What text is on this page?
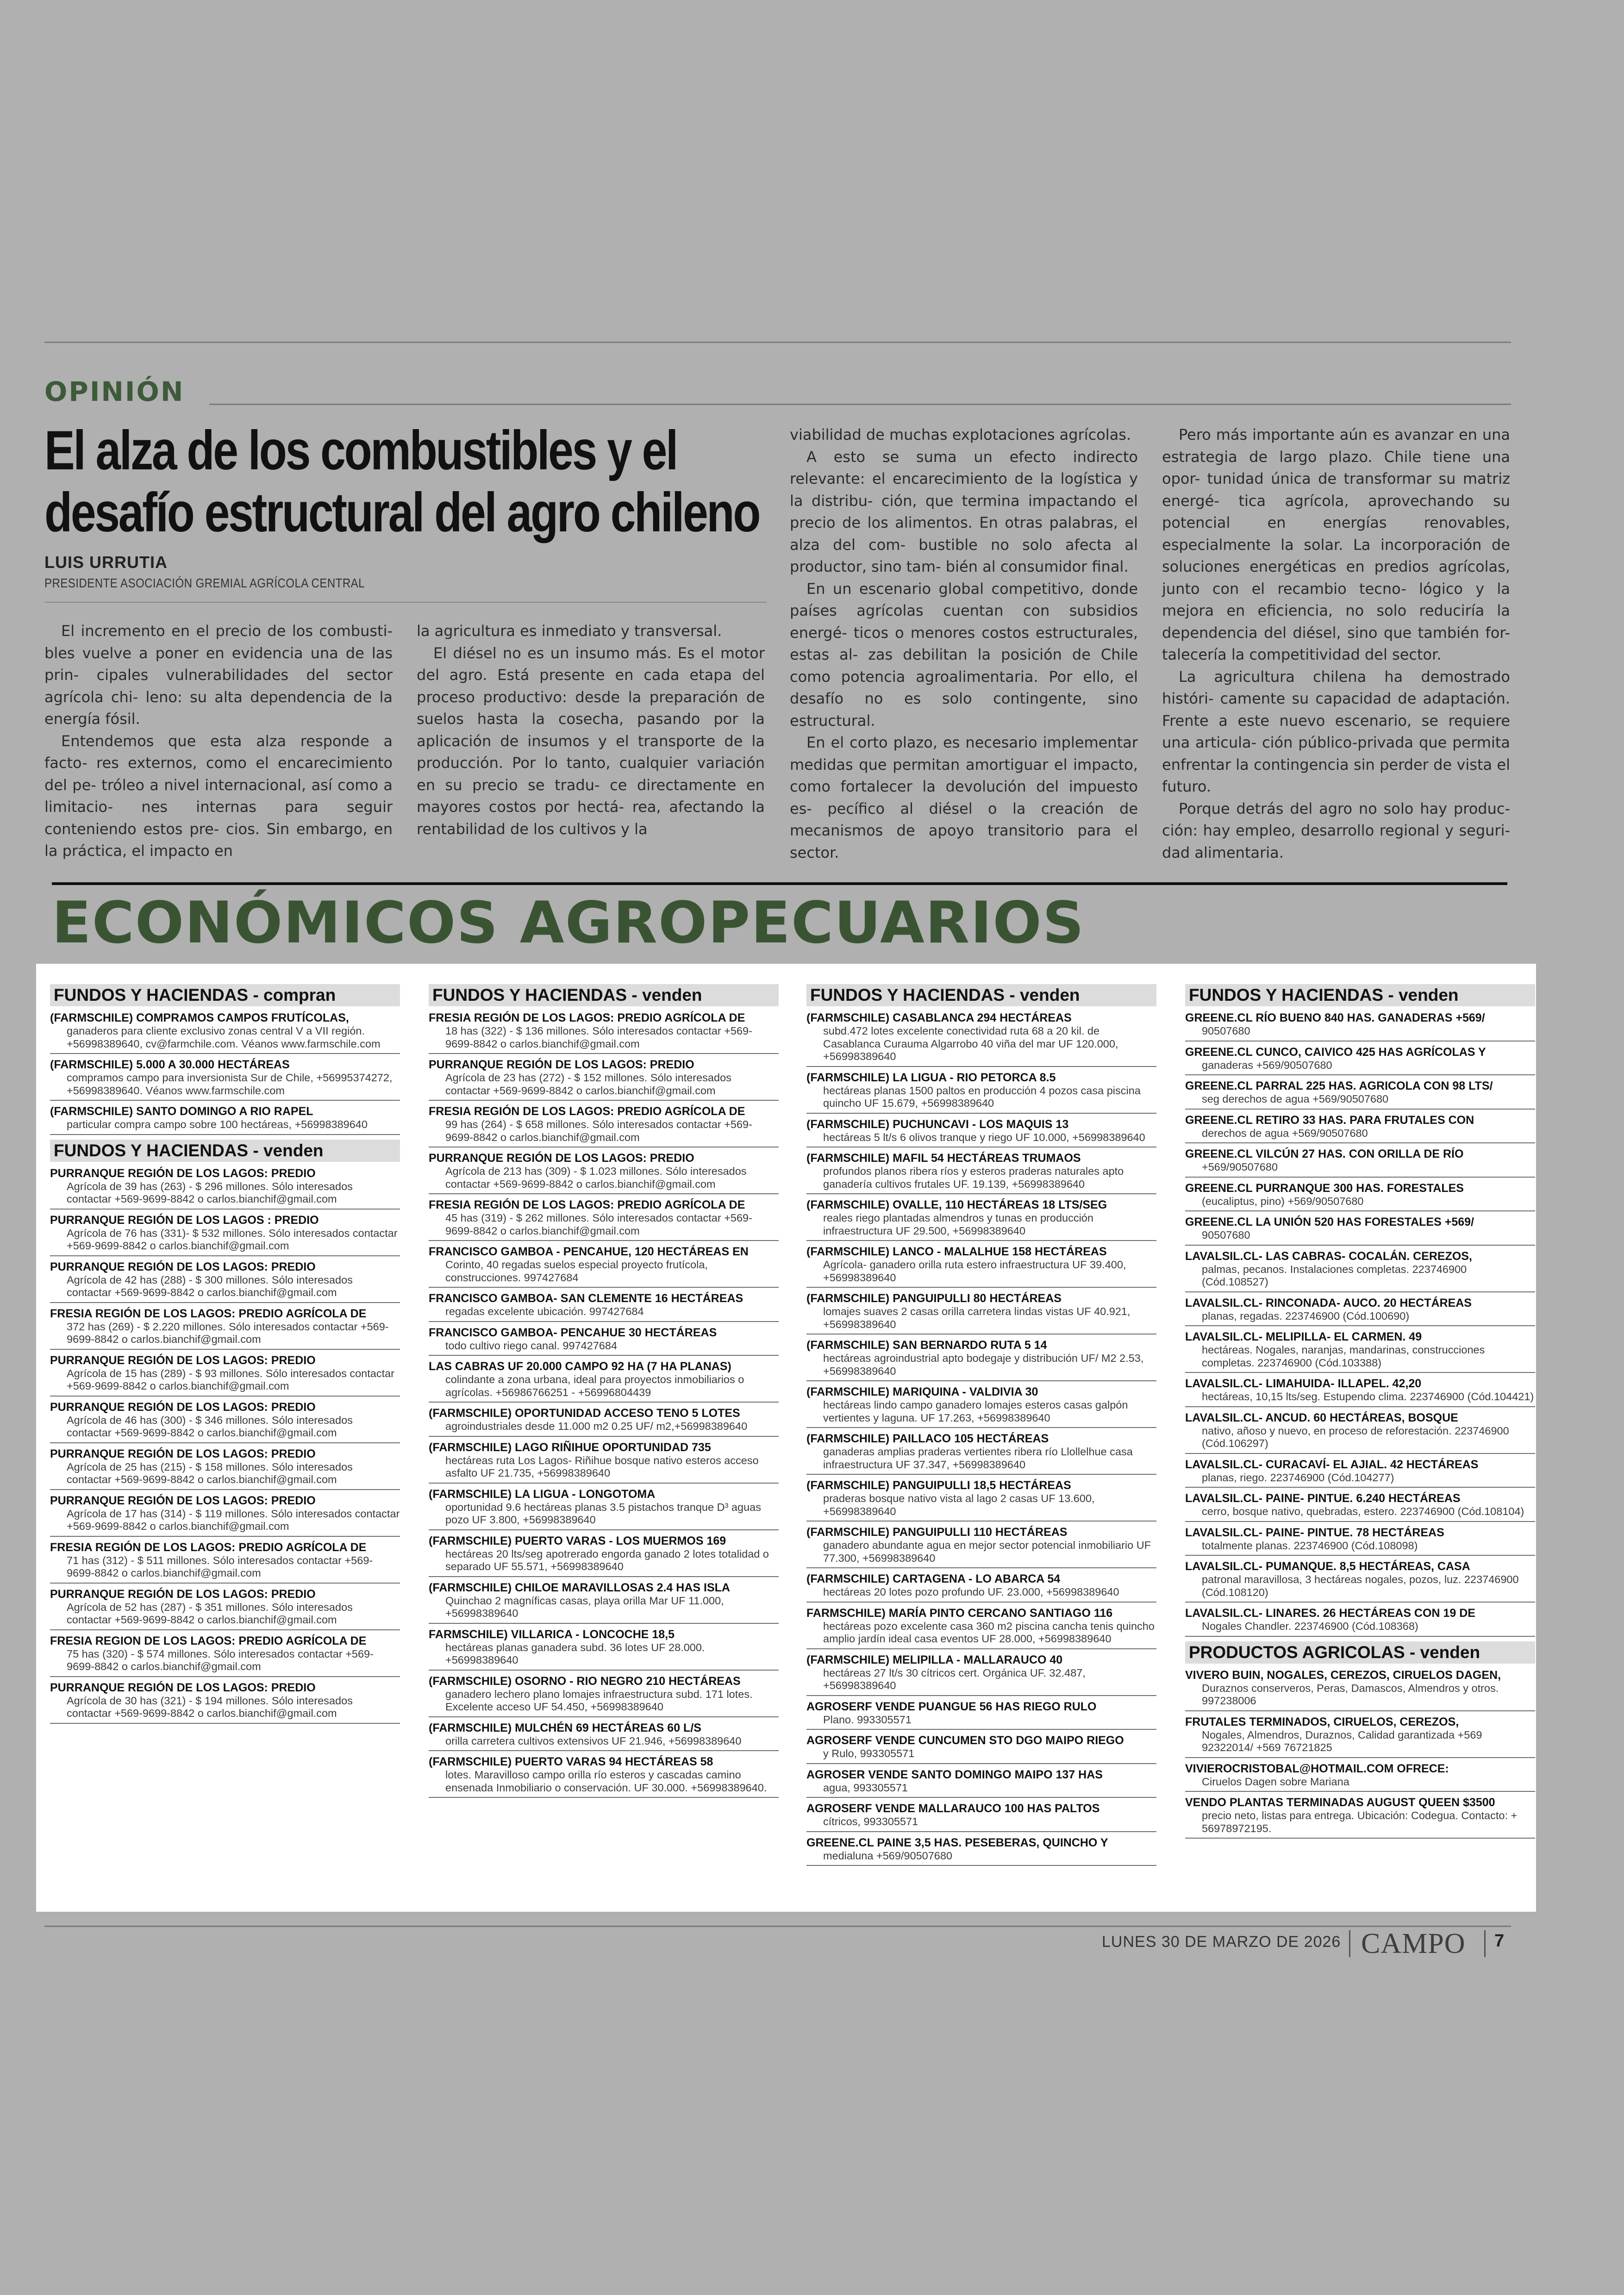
OPINIÓN
El alza de los combustibles y el
desafío estructural del agro chileno
LUIS URRUTIA
PRESIDENTE ASOCIACIÓN GREMIAL AGRÍCOLA CENTRAL

El incremento en el precio de los combusti- bles vuelve a poner en evidencia una de las prin- cipales vulnerabilidades del sector agrícola chi- leno: su alta dependencia de la energía fósil.

Entendemos que esta alza responde a facto- res externos, como el encarecimiento del pe- tróleo a nivel internacional, así como a limitacio- nes internas para seguir conteniendo estos pre- cios. Sin embargo, en la práctica, el impacto en

la agricultura es inmediato y transversal.

El diésel no es un insumo más. Es el motor del agro. Está presente en cada etapa del proceso productivo: desde la preparación de suelos hasta la cosecha, pasando por la aplicación de insumos y el transporte de la producción. Por lo tanto, cualquier variación en su precio se tradu- ce directamente en mayores costos por hectá- rea, afectando la rentabilidad de los cultivos y la

viabilidad de muchas explotaciones agrícolas.

A esto se suma un efecto indirecto relevante: el encarecimiento de la logística y la distribu- ción, que termina impactando el precio de los alimentos. En otras palabras, el alza del com- bustible no solo afecta al productor, sino tam- bién al consumidor final.

En un escenario global competitivo, donde países agrícolas cuentan con subsidios energé- ticos o menores costos estructurales, estas al- zas debilitan la posición de Chile como potencia agroalimentaria. Por ello, el desafío no es solo contingente, sino estructural.

En el corto plazo, es necesario implementar medidas que permitan amortiguar el impacto, como fortalecer la devolución del impuesto es- pecífico al diésel o la creación de mecanismos de apoyo transitorio para el sector.

Pero más importante aún es avanzar en una estrategia de largo plazo. Chile tiene una opor- tunidad única de transformar su matriz energé- tica agrícola, aprovechando su potencial en energías renovables, especialmente la solar. La incorporación de soluciones energéticas en predios agrícolas, junto con el recambio tecno- lógico y la mejora en eficiencia, no solo reduciría la dependencia del diésel, sino que también for- talecería la competitividad del sector.

La agricultura chilena ha demostrado históri- camente su capacidad de adaptación. Frente a este nuevo escenario, se requiere una articula- ción público-privada que permita enfrentar la contingencia sin perder de vista el futuro.

Porque detrás del agro no solo hay produc- ción: hay empleo, desarrollo regional y seguri- dad alimentaria.

ECONÓMICOS AGROPECUARIOS
FUNDOS Y HACIENDAS - compran
(FARMSCHILE) COMPRAMOS CAMPOS FRUTÍCOLAS,
ganaderos para cliente exclusivo zonas central V a VII región. +56998389640, cv@farmchile.com. Véanos www.farmschile.com
(FARMSCHILE) 5.000 A 30.000 HECTÁREAS
compramos campo para inversionista Sur de Chile, +56995374272, +56998389640. Véanos www.farmschile.com
(FARMSCHILE) SANTO DOMINGO A RIO RAPEL
particular compra campo sobre 100 hectáreas, +56998389640
FUNDOS Y HACIENDAS - venden
PURRANQUE REGIÓN DE LOS LAGOS: PREDIO
Agrícola de 39 has (263) - $ 296 millones. Sólo interesados contactar +569-9699-8842 o carlos.bianchif@gmail.com
PURRANQUE REGIÓN DE LOS LAGOS : PREDIO
Agrícola de 76 has (331)- $ 532 millones. Sólo interesados contactar +569-9699-8842 o carlos.bianchif@gmail.com
PURRANQUE REGIÓN DE LOS LAGOS: PREDIO
Agrícola de 42 has (288) - $ 300 millones. Sólo interesados contactar +569-9699-8842 o carlos.bianchif@gmail.com
FRESIA REGIÓN DE LOS LAGOS: PREDIO AGRÍCOLA DE
372 has (269) - $ 2.220 millones. Sólo interesados contactar +569-9699-8842 o carlos.bianchif@gmail.com
PURRANQUE REGIÓN DE LOS LAGOS: PREDIO
Agrícola de 15 has (289) - $ 93 millones. Sólo interesados contactar +569-9699-8842 o carlos.bianchif@gmail.com
PURRANQUE REGIÓN DE LOS LAGOS: PREDIO
Agrícola de 46 has (300) - $ 346 millones. Sólo interesados contactar +569-9699-8842 o carlos.bianchif@gmail.com
PURRANQUE REGIÓN DE LOS LAGOS: PREDIO
Agrícola de 25 has (215) - $ 158 millones. Sólo interesados contactar +569-9699-8842 o carlos.bianchif@gmail.com
PURRANQUE REGIÓN DE LOS LAGOS: PREDIO
Agrícola de 17 has (314) - $ 119 millones. Sólo interesados contactar +569-9699-8842 o carlos.bianchif@gmail.com
FRESIA REGIÓN DE LOS LAGOS: PREDIO AGRÍCOLA DE
71 has (312) - $ 511 millones. Sólo interesados contactar +569-9699-8842 o carlos.bianchif@gmail.com
PURRANQUE REGIÓN DE LOS LAGOS: PREDIO
Agrícola de 52 has (287) - $ 351 millones. Sólo interesados contactar +569-9699-8842 o carlos.bianchif@gmail.com
FRESIA REGION DE LOS LAGOS: PREDIO AGRÍCOLA DE
75 has (320) - $ 574 millones. Sólo interesados contactar +569-9699-8842 o carlos.bianchif@gmail.com
PURRANQUE REGIÓN DE LOS LAGOS: PREDIO
Agrícola de 30 has (321) - $ 194 millones. Sólo interesados contactar +569-9699-8842 o carlos.bianchif@gmail.com
FUNDOS Y HACIENDAS - venden
FRESIA REGIÓN DE LOS LAGOS: PREDIO AGRÍCOLA DE
18 has (322) - $ 136 millones. Sólo interesados contactar +569-9699-8842 o carlos.bianchif@gmail.com
PURRANQUE REGIÓN DE LOS LAGOS: PREDIO
Agrícola de 23 has (272) - $ 152 millones. Sólo interesados contactar +569-9699-8842 o carlos.bianchif@gmail.com
FRESIA REGIÓN DE LOS LAGOS: PREDIO AGRÍCOLA DE
99 has (264) - $ 658 millones. Sólo interesados contactar +569-9699-8842 o carlos.bianchif@gmail.com
PURRANQUE REGIÓN DE LOS LAGOS: PREDIO
Agrícola de 213 has (309) - $ 1.023 millones. Sólo interesados contactar +569-9699-8842 o carlos.bianchif@gmail.com
FRESIA REGIÓN DE LOS LAGOS: PREDIO AGRÍCOLA DE
45 has (319) - $ 262 millones. Sólo interesados contactar +569-9699-8842 o carlos.bianchif@gmail.com
FRANCISCO GAMBOA - PENCAHUE, 120 HECTÁREAS EN
Corinto, 40 regadas suelos especial proyecto frutícola, construcciones. 997427684
FRANCISCO GAMBOA- SAN CLEMENTE 16 HECTÁREAS
regadas excelente ubicación. 997427684
FRANCISCO GAMBOA- PENCAHUE 30 HECTÁREAS
todo cultivo riego canal. 997427684
LAS CABRAS UF 20.000 CAMPO 92 HA (7 HA PLANAS)
colindante a zona urbana, ideal para proyectos inmobiliarios o agrícolas. +56986766251 - +56996804439
(FARMSCHILE) OPORTUNIDAD ACCESO TENO 5 LOTES
agroindustriales desde 11.000 m2 0.25 UF/ m2,+56998389640
(FARMSCHILE) LAGO RIÑIHUE OPORTUNIDAD 735
hectáreas ruta Los Lagos- Riñihue bosque nativo esteros acceso asfalto UF 21.735, +56998389640
(FARMSCHILE) LA LIGUA - LONGOTOMA
oportunidad 9.6 hectáreas planas 3.5 pistachos tranque D³ aguas pozo UF 3.800, +56998389640
(FARMSCHILE) PUERTO VARAS - LOS MUERMOS 169
hectáreas 20 lts/seg apotrerado engorda ganado 2 lotes totalidad o separado UF 55.571, +56998389640
(FARMSCHILE) CHILOE MARAVILLOSAS 2.4 HAS ISLA
Quinchao 2 magníficas casas, playa orilla Mar UF 11.000, +56998389640
FARMSCHILE) VILLARICA - LONCOCHE 18,5
hectáreas planas ganadera subd. 36 lotes UF 28.000. +56998389640
(FARMSCHILE) OSORNO - RIO NEGRO 210 HECTÁREAS
ganadero lechero plano lomajes infraestructura subd. 171 lotes. Excelente acceso UF 54.450, +56998389640
(FARMSCHILE) MULCHÉN 69 HECTÁREAS 60 L/S
orilla carretera cultivos extensivos UF 21.946, +56998389640
(FARMSCHILE) PUERTO VARAS 94 HECTÁREAS 58
lotes. Maravilloso campo orilla río esteros y cascadas camino ensenada Inmobiliario o conservación. UF 30.000. +56998389640.
FUNDOS Y HACIENDAS - venden
(FARMSCHILE) CASABLANCA 294 HECTÁREAS
subd.472 lotes excelente conectividad ruta 68 a 20 kil. de Casablanca Curauma Algarrobo 40 viña del mar UF 120.000, +56998389640
(FARMSCHILE) LA LIGUA - RIO PETORCA 8.5
hectáreas planas 1500 paltos en producción 4 pozos casa piscina quincho UF 15.679, +56998389640
(FARMSCHILE) PUCHUNCAVI - LOS MAQUIS 13
hectáreas 5 lt/s 6 olivos tranque y riego UF 10.000, +56998389640
(FARMSCHILE) MAFIL 54 HECTÁREAS TRUMAOS
profundos planos ribera ríos y esteros praderas naturales apto ganadería cultivos frutales UF. 19.139, +56998389640
(FARMSCHILE) OVALLE, 110 HECTÁREAS 18 LTS/SEG
reales riego plantadas almendros y tunas en producción infraestructura UF 29.500, +56998389640
(FARMSCHILE) LANCO - MALALHUE 158 HECTÁREAS
Agrícola- ganadero orilla ruta estero infraestructura UF 39.400, +56998389640
(FARMSCHILE) PANGUIPULLI 80 HECTÁREAS
lomajes suaves 2 casas orilla carretera lindas vistas UF 40.921, +56998389640
(FARMSCHILE) SAN BERNARDO RUTA 5 14
hectáreas agroindustrial apto bodegaje y distribución UF/ M2 2.53, +56998389640
(FARMSCHILE) MARIQUINA - VALDIVIA 30
hectáreas lindo campo ganadero lomajes esteros casas galpón vertientes y laguna. UF 17.263, +56998389640
(FARMSCHILE) PAILLACO 105 HECTÁREAS
ganaderas amplias praderas vertientes ribera río Llollelhue casa infraestructura UF 37.347, +56998389640
(FARMSCHILE) PANGUIPULLI 18,5 HECTÁREAS
praderas bosque nativo vista al lago 2 casas UF 13.600, +56998389640
(FARMSCHILE) PANGUIPULLI 110 HECTÁREAS
ganadero abundante agua en mejor sector potencial inmobiliario UF 77.300, +56998389640
(FARMSCHILE) CARTAGENA - LO ABARCA 54
hectáreas 20 lotes pozo profundo UF. 23.000, +56998389640
FARMSCHILE) MARÍA PINTO CERCANO SANTIAGO 116
hectáreas pozo excelente casa 360 m2 piscina cancha tenis quincho amplio jardín ideal casa eventos UF 28.000, +56998389640
(FARMSCHILE) MELIPILLA - MALLARAUCO 40
hectáreas 27 lt/s 30 cítricos cert. Orgánica UF. 32.487, +56998389640
AGROSERF VENDE PUANGUE 56 HAS RIEGO RULO
Plano. 993305571
AGROSERF VENDE CUNCUMEN STO DGO MAIPO RIEGO
y Rulo, 993305571
AGROSER VENDE SANTO DOMINGO MAIPO 137 HAS
agua, 993305571
AGROSERF VENDE MALLARAUCO 100 HAS PALTOS
cítricos, 993305571
GREENE.CL PAINE 3,5 HAS. PESEBERAS, QUINCHO Y
medialuna +569/90507680
FUNDOS Y HACIENDAS - venden
GREENE.CL RÍO BUENO 840 HAS. GANADERAS +569/
90507680
GREENE.CL CUNCO, CAIVICO 425 HAS AGRÍCOLAS Y
ganaderas +569/90507680
GREENE.CL PARRAL 225 HAS. AGRICOLA CON 98 LTS/
seg derechos de agua +569/90507680
GREENE.CL RETIRO 33 HAS. PARA FRUTALES CON
derechos de agua +569/90507680
GREENE.CL VILCÚN 27 HAS. CON ORILLA DE RÍO
+569/90507680
GREENE.CL PURRANQUE 300 HAS. FORESTALES
(eucaliptus, pino) +569/90507680
GREENE.CL LA UNIÓN 520 HAS FORESTALES +569/
90507680
LAVALSIL.CL- LAS CABRAS- COCALÁN. CEREZOS,
palmas, pecanos. Instalaciones completas. 223746900 (Cód.108527)
LAVALSIL.CL- RINCONADA- AUCO. 20 HECTÁREAS
planas, regadas. 223746900 (Cód.100690)
LAVALSIL.CL- MELIPILLA- EL CARMEN. 49
hectáreas. Nogales, naranjas, mandarinas, construcciones completas. 223746900 (Cód.103388)
LAVALSIL.CL- LIMAHUIDA- ILLAPEL. 42,20
hectáreas, 10,15 lts/seg. Estupendo clima. 223746900 (Cód.104421)
LAVALSIL.CL- ANCUD. 60 HECTÁREAS, BOSQUE
nativo, añoso y nuevo, en proceso de reforestación. 223746900 (Cód.106297)
LAVALSIL.CL- CURACAVÍ- EL AJIAL. 42 HECTÁREAS
planas, riego. 223746900 (Cód.104277)
LAVALSIL.CL- PAINE- PINTUE. 6.240 HECTÁREAS
cerro, bosque nativo, quebradas, estero. 223746900 (Cód.108104)
LAVALSIL.CL- PAINE- PINTUE. 78 HECTÁREAS
totalmente planas. 223746900 (Cód.108098)
LAVALSIL.CL- PUMANQUE. 8,5 HECTÁREAS, CASA
patronal maravillosa, 3 hectáreas nogales, pozos, luz. 223746900 (Cód.108120)
LAVALSIL.CL- LINARES. 26 HECTÁREAS CON 19 DE
Nogales Chandler. 223746900 (Cód.108368)
PRODUCTOS AGRICOLAS - venden
VIVERO BUIN, NOGALES, CEREZOS, CIRUELOS DAGEN,
Duraznos conserveros, Peras, Damascos, Almendros y otros. 997238006
FRUTALES TERMINADOS, CIRUELOS, CEREZOS,
Nogales, Almendros, Duraznos, Calidad garantizada +569 92322014/ +569 76721825
VIVIEROCRISTOBAL@HOTMAIL.COM OFRECE:
Ciruelos Dagen sobre Mariana
VENDO PLANTAS TERMINADAS AUGUST QUEEN $3500
precio neto, listas para entrega. Ubicación: Codegua. Contacto: + 56978972195.
LUNES 30 DE MARZO DE 2026 CAMPO 7
